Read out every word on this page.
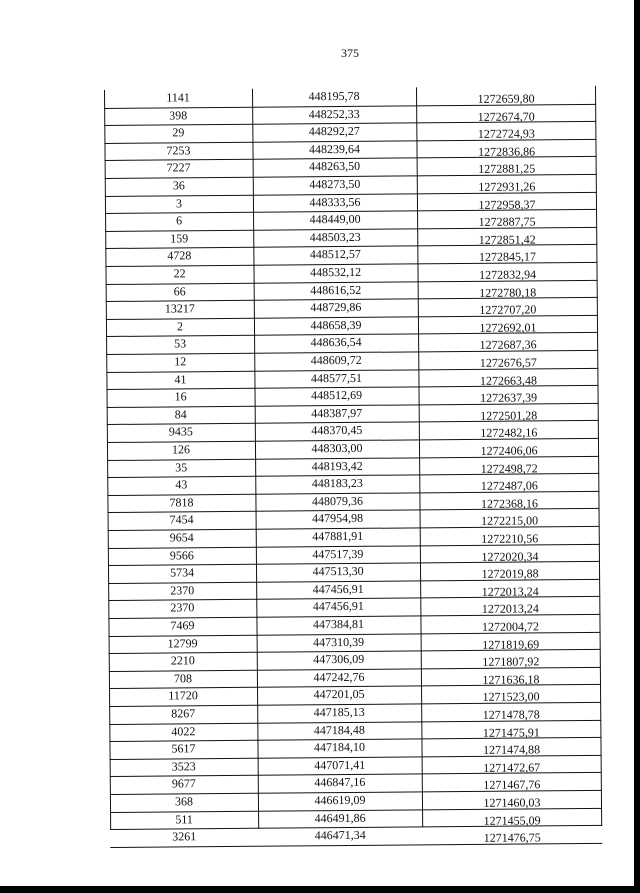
375
1141	448195,78	1272659,80
398	448252,33	1272674,70
29	448292,27	1272724,93
7253	448239,64	1272836,86
7227	448263,50	1272881,25
36	448273,50	1272931,26
3	448333,56	1272958,37
6	448449,00	1272887,75
159	448503,23	1272851,42
4728	448512,57	1272845,17
22	448532,12	1272832,94
66	448616,52	1272780,18
13217	448729,86	1272707,20
2	448658,39	1272692,01
53	448636,54	1272687,36
12	448609,72	1272676,57
41	448577,51	1272663,48
16	448512,69	1272637,39
84	448387,97	1272501,28
9435	448370,45	1272482,16
126	448303,00	1272406,06
35	448193,42	1272498,72
43	448183,23	1272487,06
7818	448079,36	1272368,16
7454	447954,98	1272215,00
9654	447881,91	1272210,56
9566	447517,39	1272020,34
5734	447513,30	1272019,88
2370	447456,91	1272013,24
2370	447456,91	1272013,24
7469	447384,81	1272004,72
12799	447310,39	1271819,69
2210	447306,09	1271807,92
708	447242,76	1271636,18
11720	447201,05	1271523,00
8267	447185,13	1271478,78
4022	447184,48	1271475,91
5617	447184,10	1271474,88
3523	447071,41	1271472,67
9677	446847,16	1271467,76
368	446619,09	1271460,03
511	446491,86	1271455,09
3261	446471,34	1271476,75
